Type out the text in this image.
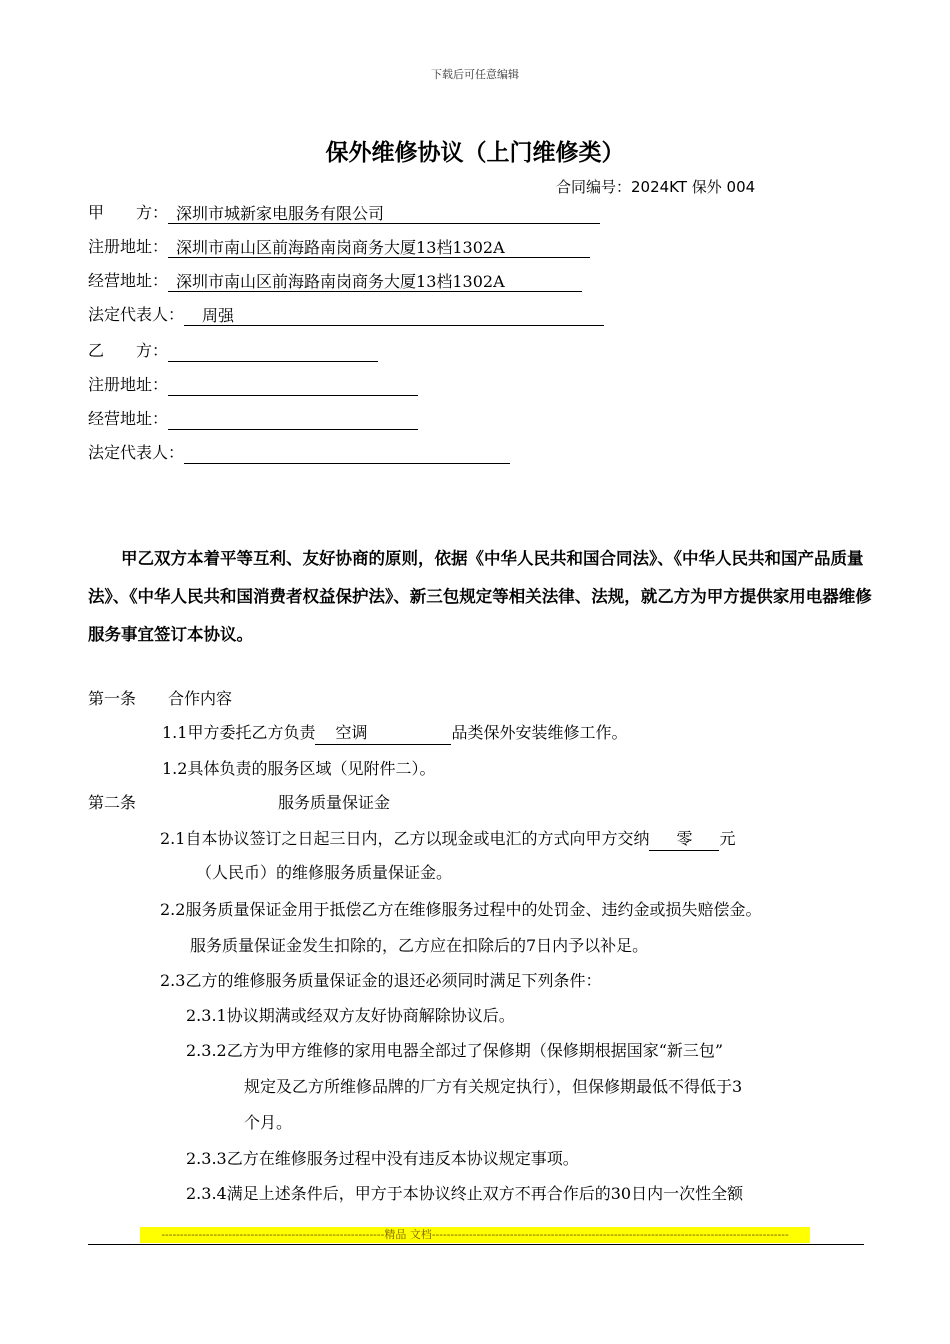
下载后可任意编辑
保外维修协议（上门维修类）
合同编号：2024KT 保外 004
甲　　方： 深圳市城新家电服务有限公司
注册地址： 深圳市南山区前海路南岗商务大厦13档1302A
经营地址： 深圳市南山区前海路南岗商务大厦13档1302A
法定代表人： 周强
乙　　方：
注册地址：
经营地址：
法定代表人：
甲乙双方本着平等互利、友好协商的原则，依据《中华人民共和国合同法》、《中华人民共和国产品质量法》、《中华人民共和国消费者权益保护法》、新三包规定等相关法律、法规，就乙方为甲方提供家用电器维修服务事宜签订本协议。
第一条　　合作内容
1.1甲方委托乙方负责 空调	品类保外安装维修工作。
1.2具体负责的服务区域（见附件二）。
第二条	服务质量保证金
2.1自本协议签订之日起三日内，乙方以现金或电汇的方式向甲方交纳 零 元
（人民币）的维修服务质量保证金。
2.2服务质量保证金用于抵偿乙方在维修服务过程中的处罚金、违约金或损失赔偿金。
服务质量保证金发生扣除的，乙方应在扣除后的7日内予以补足。
2.3乙方的维修服务质量保证金的退还必须同时满足下列条件：
2.3.1协议期满或经双方友好协商解除协议后。
2.3.2乙方为甲方维修的家用电器全部过了保修期（保修期根据国家“新三包”
规定及乙方所维修品牌的厂方有关规定执行），但保修期最低不得低于3
个月。
2.3.3乙方在维修服务过程中没有违反本协议规定事项。
2.3.4满足上述条件后，甲方于本协议终止双方不再合作后的30日内一次性全额
------------------------------------------------------------精品 文档------------------------------------------------------------------------------------------------
